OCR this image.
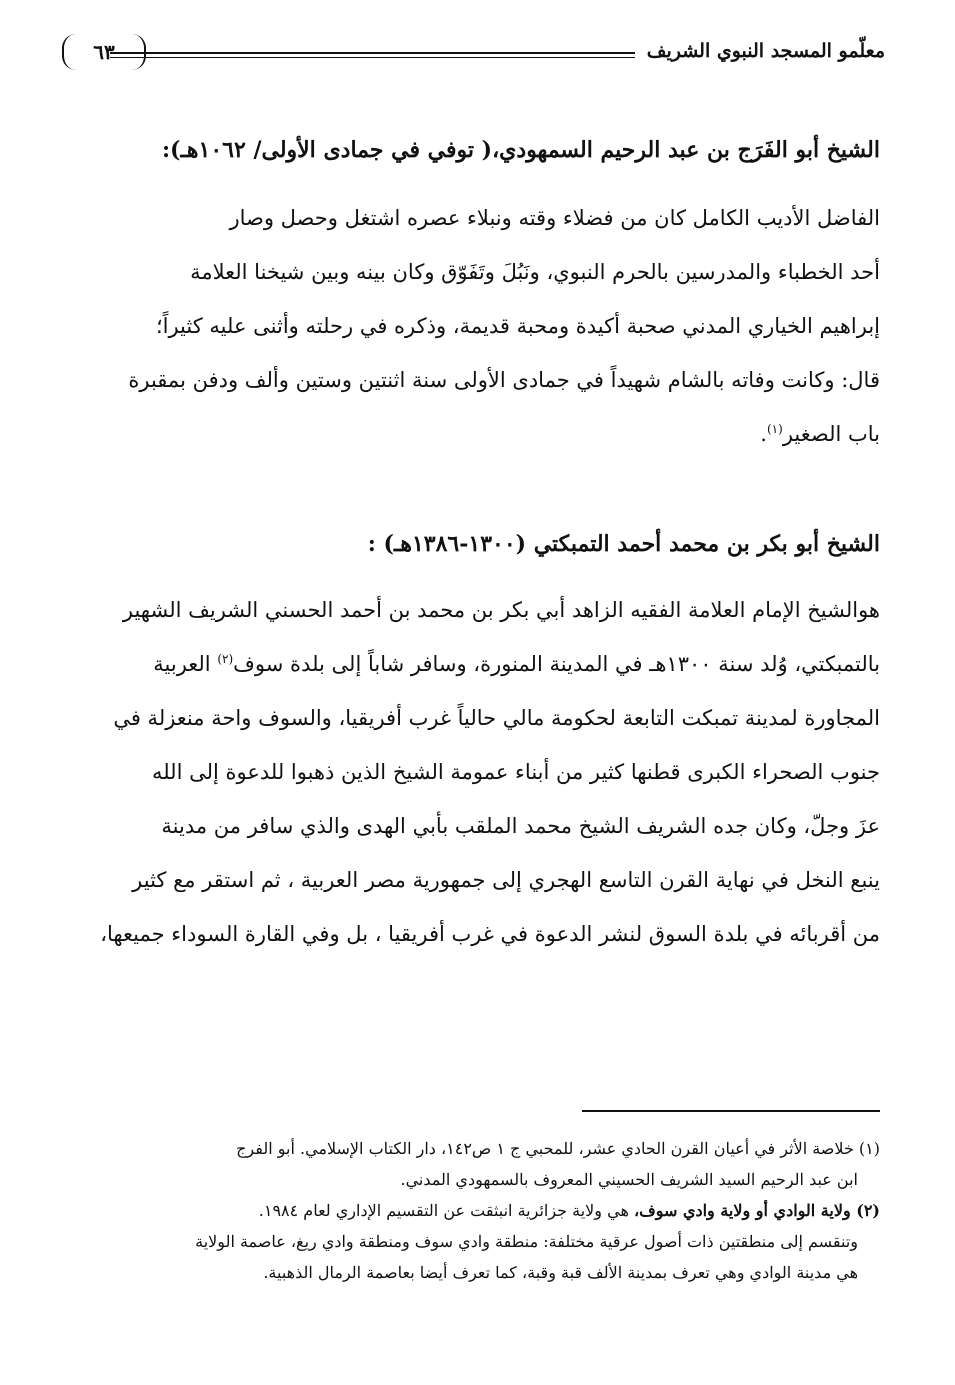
معلّمو المسجد النبوي الشريف
٦٣
الشيخ أبو الفَرَج بن عبد الرحيم السمهودي،( توفي في جمادى الأولى/ ١٠٦٢هـ):
الفاضل الأديب الكامل كان من فضلاء وقته ونبلاء عصره اشتغل وحصل وصار
أحد الخطباء والمدرسين بالحرم النبوي، ونَبُلَ وتَفَوّق وكان بينه وبين شيخنا العلامة
إبراهيم الخياري المدني صحبة أكيدة ومحبة قديمة، وذكره في رحلته وأثنى عليه كثيراً؛
قال: وكانت وفاته بالشام شهيداً في جمادى الأولى سنة اثنتين وستين وألف ودفن بمقبرة
باب الصغير$^{(١)}$.
الشيخ أبو بكر بن محمد أحمد التمبكتي (١٣٠٠-١٣٨٦هـ) :
هوالشيخ الإمام العلامة الفقيه الزاهد أبي بكر بن محمد بن أحمد الحسني الشريف الشهير
بالتمبكتي، وُلد سنة ١٣٠٠هـ في المدينة المنورة، وسافر شاباً إلى بلدة سوف$^{(٢)}$ العربية
المجاورة لمدينة تمبكت التابعة لحكومة مالي حالياً غرب أفريقيا، والسوف واحة منعزلة في
جنوب الصحراء الكبرى قطنها كثير من أبناء عمومة الشيخ الذين ذهبوا للدعوة إلى الله
عزَ وجلّ، وكان جده الشريف الشيخ محمد الملقب بأبي الهدى والذي سافر من مدينة
ينبع النخل في نهاية القرن التاسع الهجري إلى جمهورية مصر العربية ، ثم استقر مع كثير
من أقربائه في بلدة السوق لنشر الدعوة في غرب أفريقيا ، بل وفي القارة السوداء جميعها،
(١) خلاصة الأثر في أعيان القرن الحادي عشر، للمحبي ج ١ ص١٤٢، دار الكتاب الإسلامي. أبو الفرج
ابن عبد الرحيم السيد الشريف الحسيني المعروف بالسمهودي المدني.
(٢) ولاية الوادي أو ولاية وادي سوف، هي ولاية جزائرية انبثقت عن التقسيم الإداري لعام ١٩٨٤.
وتنقسم إلى منطقتين ذات أصول عرقية مختلفة: منطقة وادي سوف ومنطقة وادي ريغ، عاصمة الولاية
هي مدينة الوادي وهي تعرف بمدينة الألف قبة وقبة، كما تعرف أيضا بعاصمة الرمال الذهبية.
